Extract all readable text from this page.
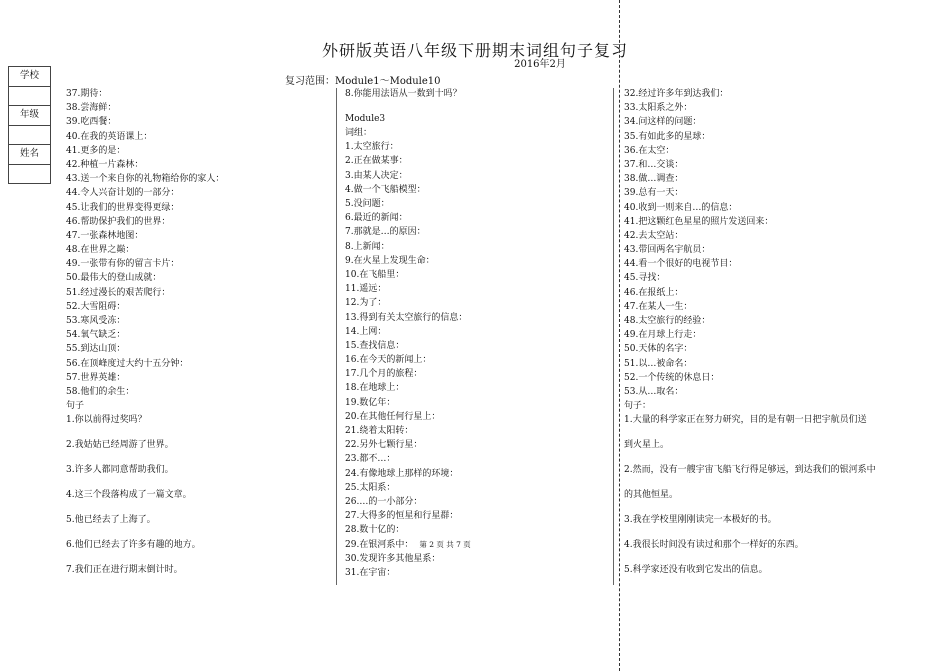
外研版英语八年级下册期末词组句子复习
2016年2月
复习范围：Module1〜Module10
学校

年级

姓名

37.期待：
38.尝海鲜：
39.吃西餐：
40.在我的英语课上：
41.更多的是：
42.种植一片森林：
43.送一个来自你的礼物箱给你的家人：
44.令人兴奋计划的一部分：
45.让我们的世界变得更绿：
46.帮助保护我们的世界：
47.一张森林地图：
48.在世界之巅：
49.一张带有你的留言卡片：
50.最伟大的登山成就：
51.经过漫长的艰苦爬行：
52.大雪阻碍：
53.寒风受冻：
54.氧气缺乏：
55.到达山顶：
56.在顶峰度过大约十五分钟：
57.世界英雄：
58.他们的余生：
句子
1.你以前得过奖吗？
2.我姑姑已经周游了世界。
3.许多人都同意帮助我们。
4.这三个段落构成了一篇文章。
5.他已经去了上海了。
6.他们已经去了许多有趣的地方。
7.我们正在进行期末倒计时。
8.你能用法语从一数到十吗？
Module3
词组：
1.太空旅行：
2.正在做某事：
3.由某人决定：
4.做一个飞船模型：
5.没问题：
6.最近的新闻：
7.那就是…的原因：
8.上新闻：
9.在火星上发现生命：
10.在飞船里：
11.遥远：
12.为了：
13.得到有关太空旅行的信息：
14.上网：
15.查找信息：
16.在今天的新闻上：
17.几个月的旅程：
18.在地球上：
19.数亿年：
20.在其他任何行星上：
21.绕着太阳转：
22.另外七颗行星：
23.都不…：
24.有像地球上那样的环境：
25.太阳系：
26.…的一小部分：
27.大得多的恒星和行星群：
28.数十亿的：
29.在银河系中： 第 2 页 共 7 页
30.发现许多其他星系：
31.在宇宙：
32.经过许多年到达我们：
33.太阳系之外：
34.问这样的问题：
35.有如此多的星球：
36.在太空：
37.和…交谈：
38.做…调查：
39.总有一天：
40.收到一则来自…的信息：
41.把这颗红色星星的照片发送回来：
42.去太空站：
43.带回两名宇航员：
44.看一个很好的电视节目：
45.寻找：
46.在报纸上：
47.在某人一生：
48.太空旅行的经验：
49.在月球上行走：
50.天体的名字：
51.以…被命名：
52.一个传统的休息日：
53.从…取名：
句子：
1.大量的科学家正在努力研究，目的是有朝一日把宇航员们送
到火星上。
2.然而，没有一艘宇宙飞船飞行得足够远，到达我们的银河系中
的其他恒星。
3.我在学校里刚刚读完一本极好的书。
4.我很长时间没有读过和那个一样好的东西。
5.科学家还没有收到它发出的信息。
